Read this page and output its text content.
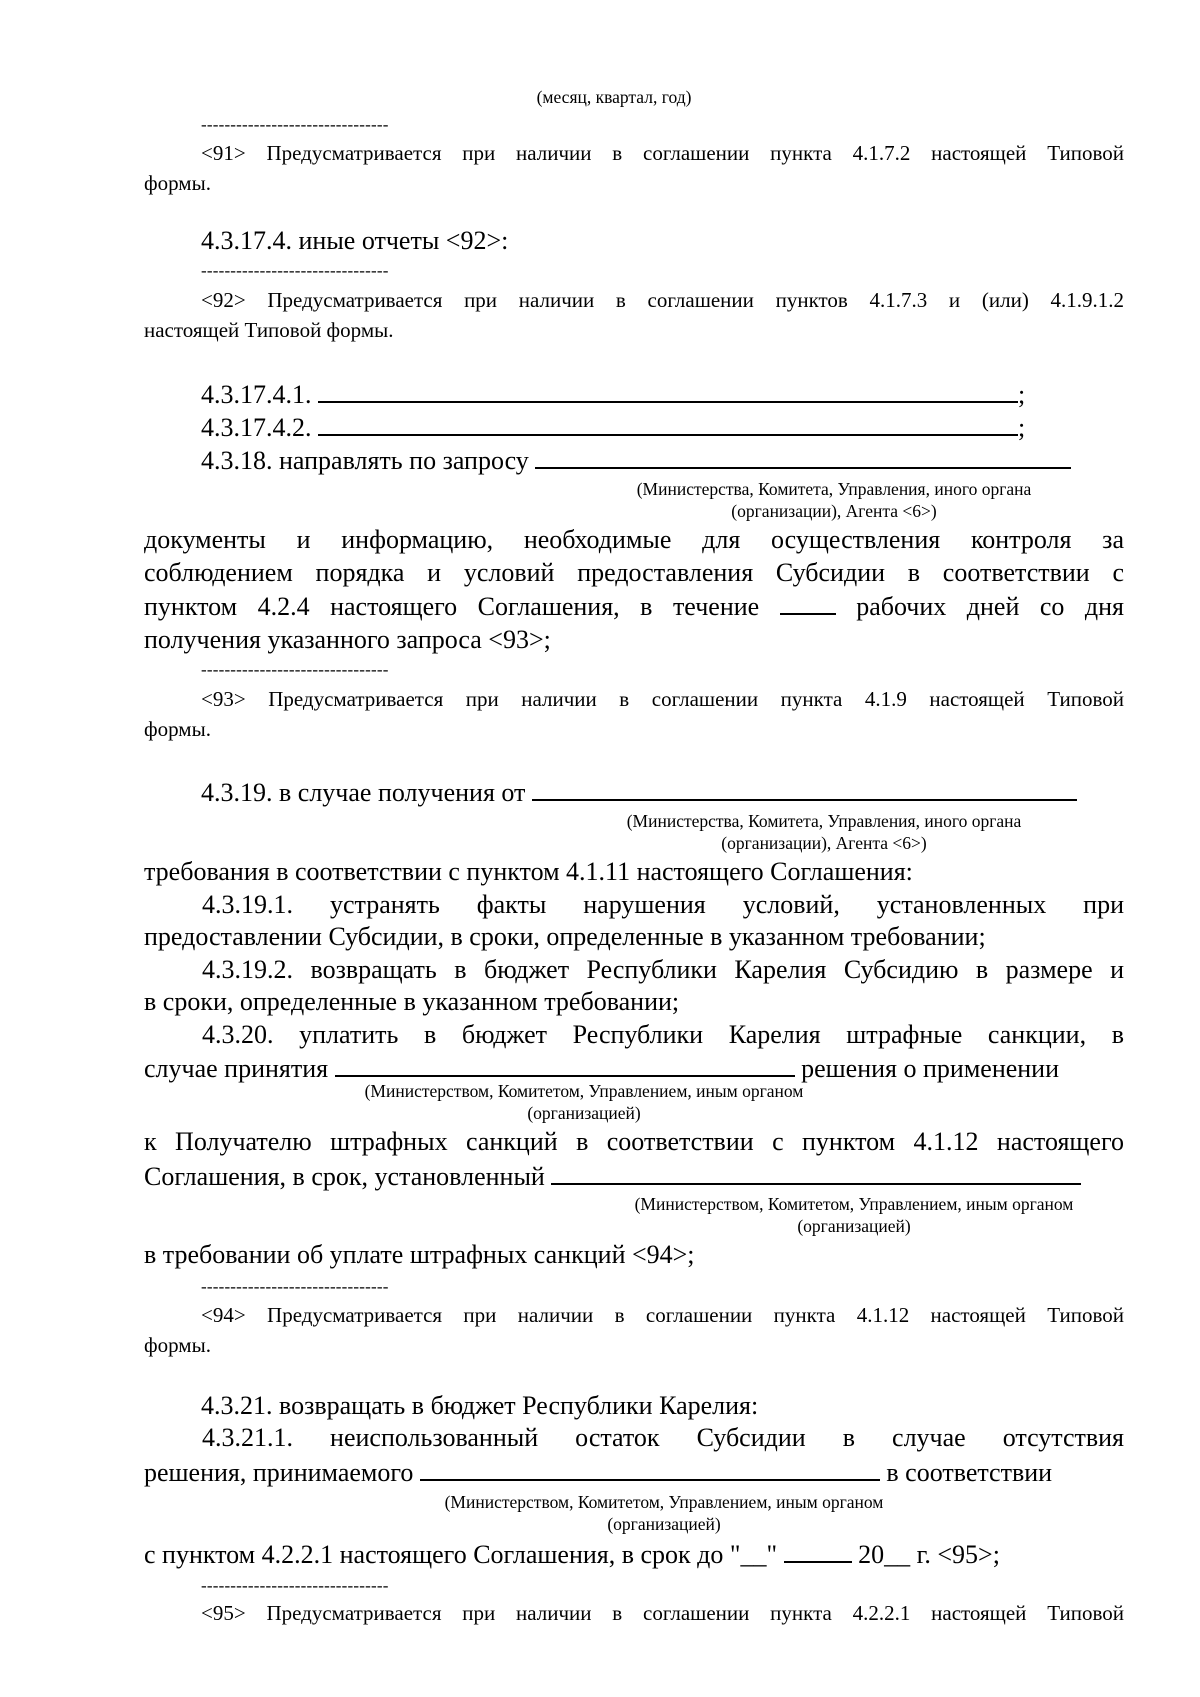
(месяц, квартал, год)
--------------------------------
<91> Предусматривается при наличии в соглашении пункта 4.1.7.2 настоящей Типовой
формы.
4.3.17.4. иные отчеты <92>:
--------------------------------
<92> Предусматривается при наличии в соглашении пунктов 4.1.7.3 и (или) 4.1.9.1.2
настоящей Типовой формы.
4.3.17.4.1.	;
4.3.17.4.2.	;
4.3.18. направлять по запросу
(Министерства, Комитета, Управления, иного органа
(организации), Агента <6>)
документы и информацию, необходимые для осуществления контроля за
соблюдением порядка и условий предоставления Субсидии в соответствии с
пунктом 4.2.4 настоящего Соглашения, в течение	рабочих дней со дня
получения указанного запроса <93>;
--------------------------------
<93> Предусматривается при наличии в соглашении пункта 4.1.9 настоящей Типовой
формы.
4.3.19. в случае получения от
(Министерства, Комитета, Управления, иного органа
(организации), Агента <6>)
требования в соответствии с пунктом 4.1.11 настоящего Соглашения:
4.3.19.1. устранять факты нарушения условий, установленных при
предоставлении Субсидии, в сроки, определенные в указанном требовании;
4.3.19.2. возвращать в бюджет Республики Карелия Субсидию в размере и
в сроки, определенные в указанном требовании;
4.3.20. уплатить в бюджет Республики Карелия штрафные санкции, в
случае принятия	решения о применении
(Министерством, Комитетом, Управлением, иным органом
(организацией)
к Получателю штрафных санкций в соответствии с пунктом 4.1.12 настоящего
Соглашения, в срок, установленный
(Министерством, Комитетом, Управлением, иным органом
(организацией)
в требовании об уплате штрафных санкций <94>;
--------------------------------
<94> Предусматривается при наличии в соглашении пункта 4.1.12 настоящей Типовой
формы.
4.3.21. возвращать в бюджет Республики Карелия:
4.3.21.1. неиспользованный остаток Субсидии в случае отсутствия
решения, принимаемого	в соответствии
(Министерством, Комитетом, Управлением, иным органом
(организацией)
с пунктом 4.2.2.1 настоящего Соглашения, в срок до "__"	20__ г. <95>;
--------------------------------
<95> Предусматривается при наличии в соглашении пункта 4.2.2.1 настоящей Типовой
